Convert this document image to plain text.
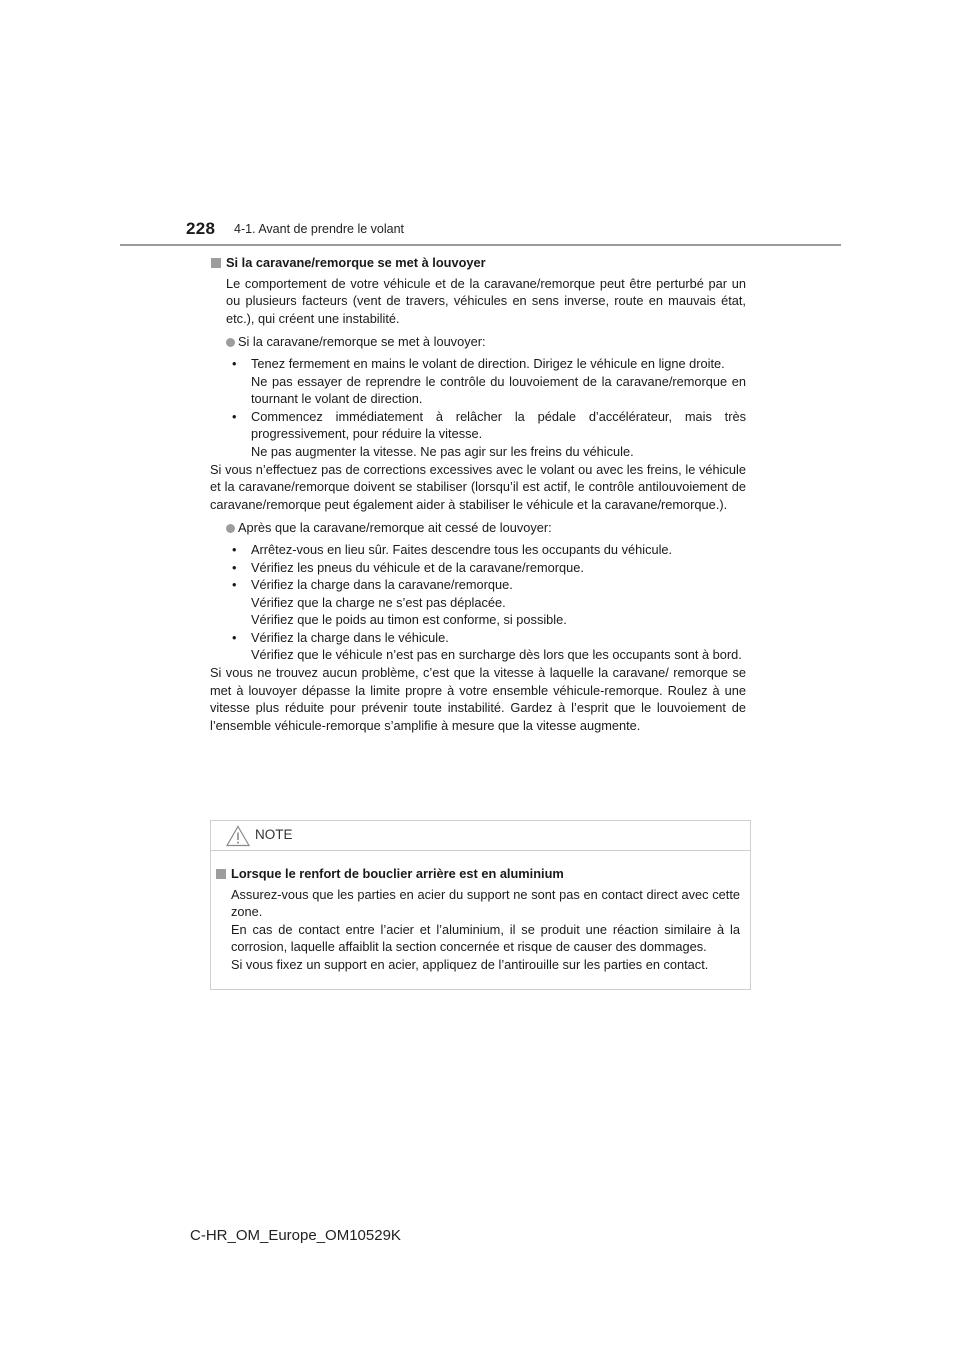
228 4-1. Avant de prendre le volant
Si la caravane/remorque se met à louvoyer
Le comportement de votre véhicule et de la caravane/remorque peut être perturbé par un ou plusieurs facteurs (vent de travers, véhicules en sens inverse, route en mauvais état, etc.), qui créent une instabilité.
Si la caravane/remorque se met à louvoyer:
• Tenez fermement en mains le volant de direction. Dirigez le véhicule en ligne droite.
Ne pas essayer de reprendre le contrôle du louvoiement de la caravane/remorque en tournant le volant de direction.
• Commencez immédiatement à relâcher la pédale d’accélérateur, mais très progressivement, pour réduire la vitesse.
Ne pas augmenter la vitesse. Ne pas agir sur les freins du véhicule.
Si vous n’effectuez pas de corrections excessives avec le volant ou avec les freins, le véhicule et la caravane/remorque doivent se stabiliser (lorsqu’il est actif, le contrôle antilouvoiement de caravane/remorque peut également aider à stabiliser le véhicule et la caravane/remorque.).
Après que la caravane/remorque ait cessé de louvoyer:
• Arrêtez-vous en lieu sûr. Faites descendre tous les occupants du véhicule.
• Vérifiez les pneus du véhicule et de la caravane/remorque.
• Vérifiez la charge dans la caravane/remorque.
Vérifiez que la charge ne s’est pas déplacée.
Vérifiez que le poids au timon est conforme, si possible.
• Vérifiez la charge dans le véhicule.
Vérifiez que le véhicule n’est pas en surcharge dès lors que les occupants sont à bord.
Si vous ne trouvez aucun problème, c’est que la vitesse à laquelle la caravane/ remorque se met à louvoyer dépasse la limite propre à votre ensemble véhicule-remorque. Roulez à une vitesse plus réduite pour prévenir toute instabilité. Gardez à l’esprit que le louvoiement de l’ensemble véhicule-remorque s’amplifie à mesure que la vitesse augmente.
NOTE
Lorsque le renfort de bouclier arrière est en aluminium
Assurez-vous que les parties en acier du support ne sont pas en contact direct avec cette zone.
En cas de contact entre l’acier et l’aluminium, il se produit une réaction similaire à la corrosion, laquelle affaiblit la section concernée et risque de causer des dommages.
Si vous fixez un support en acier, appliquez de l’antirouille sur les parties en contact.
C-HR_OM_Europe_OM10529K
